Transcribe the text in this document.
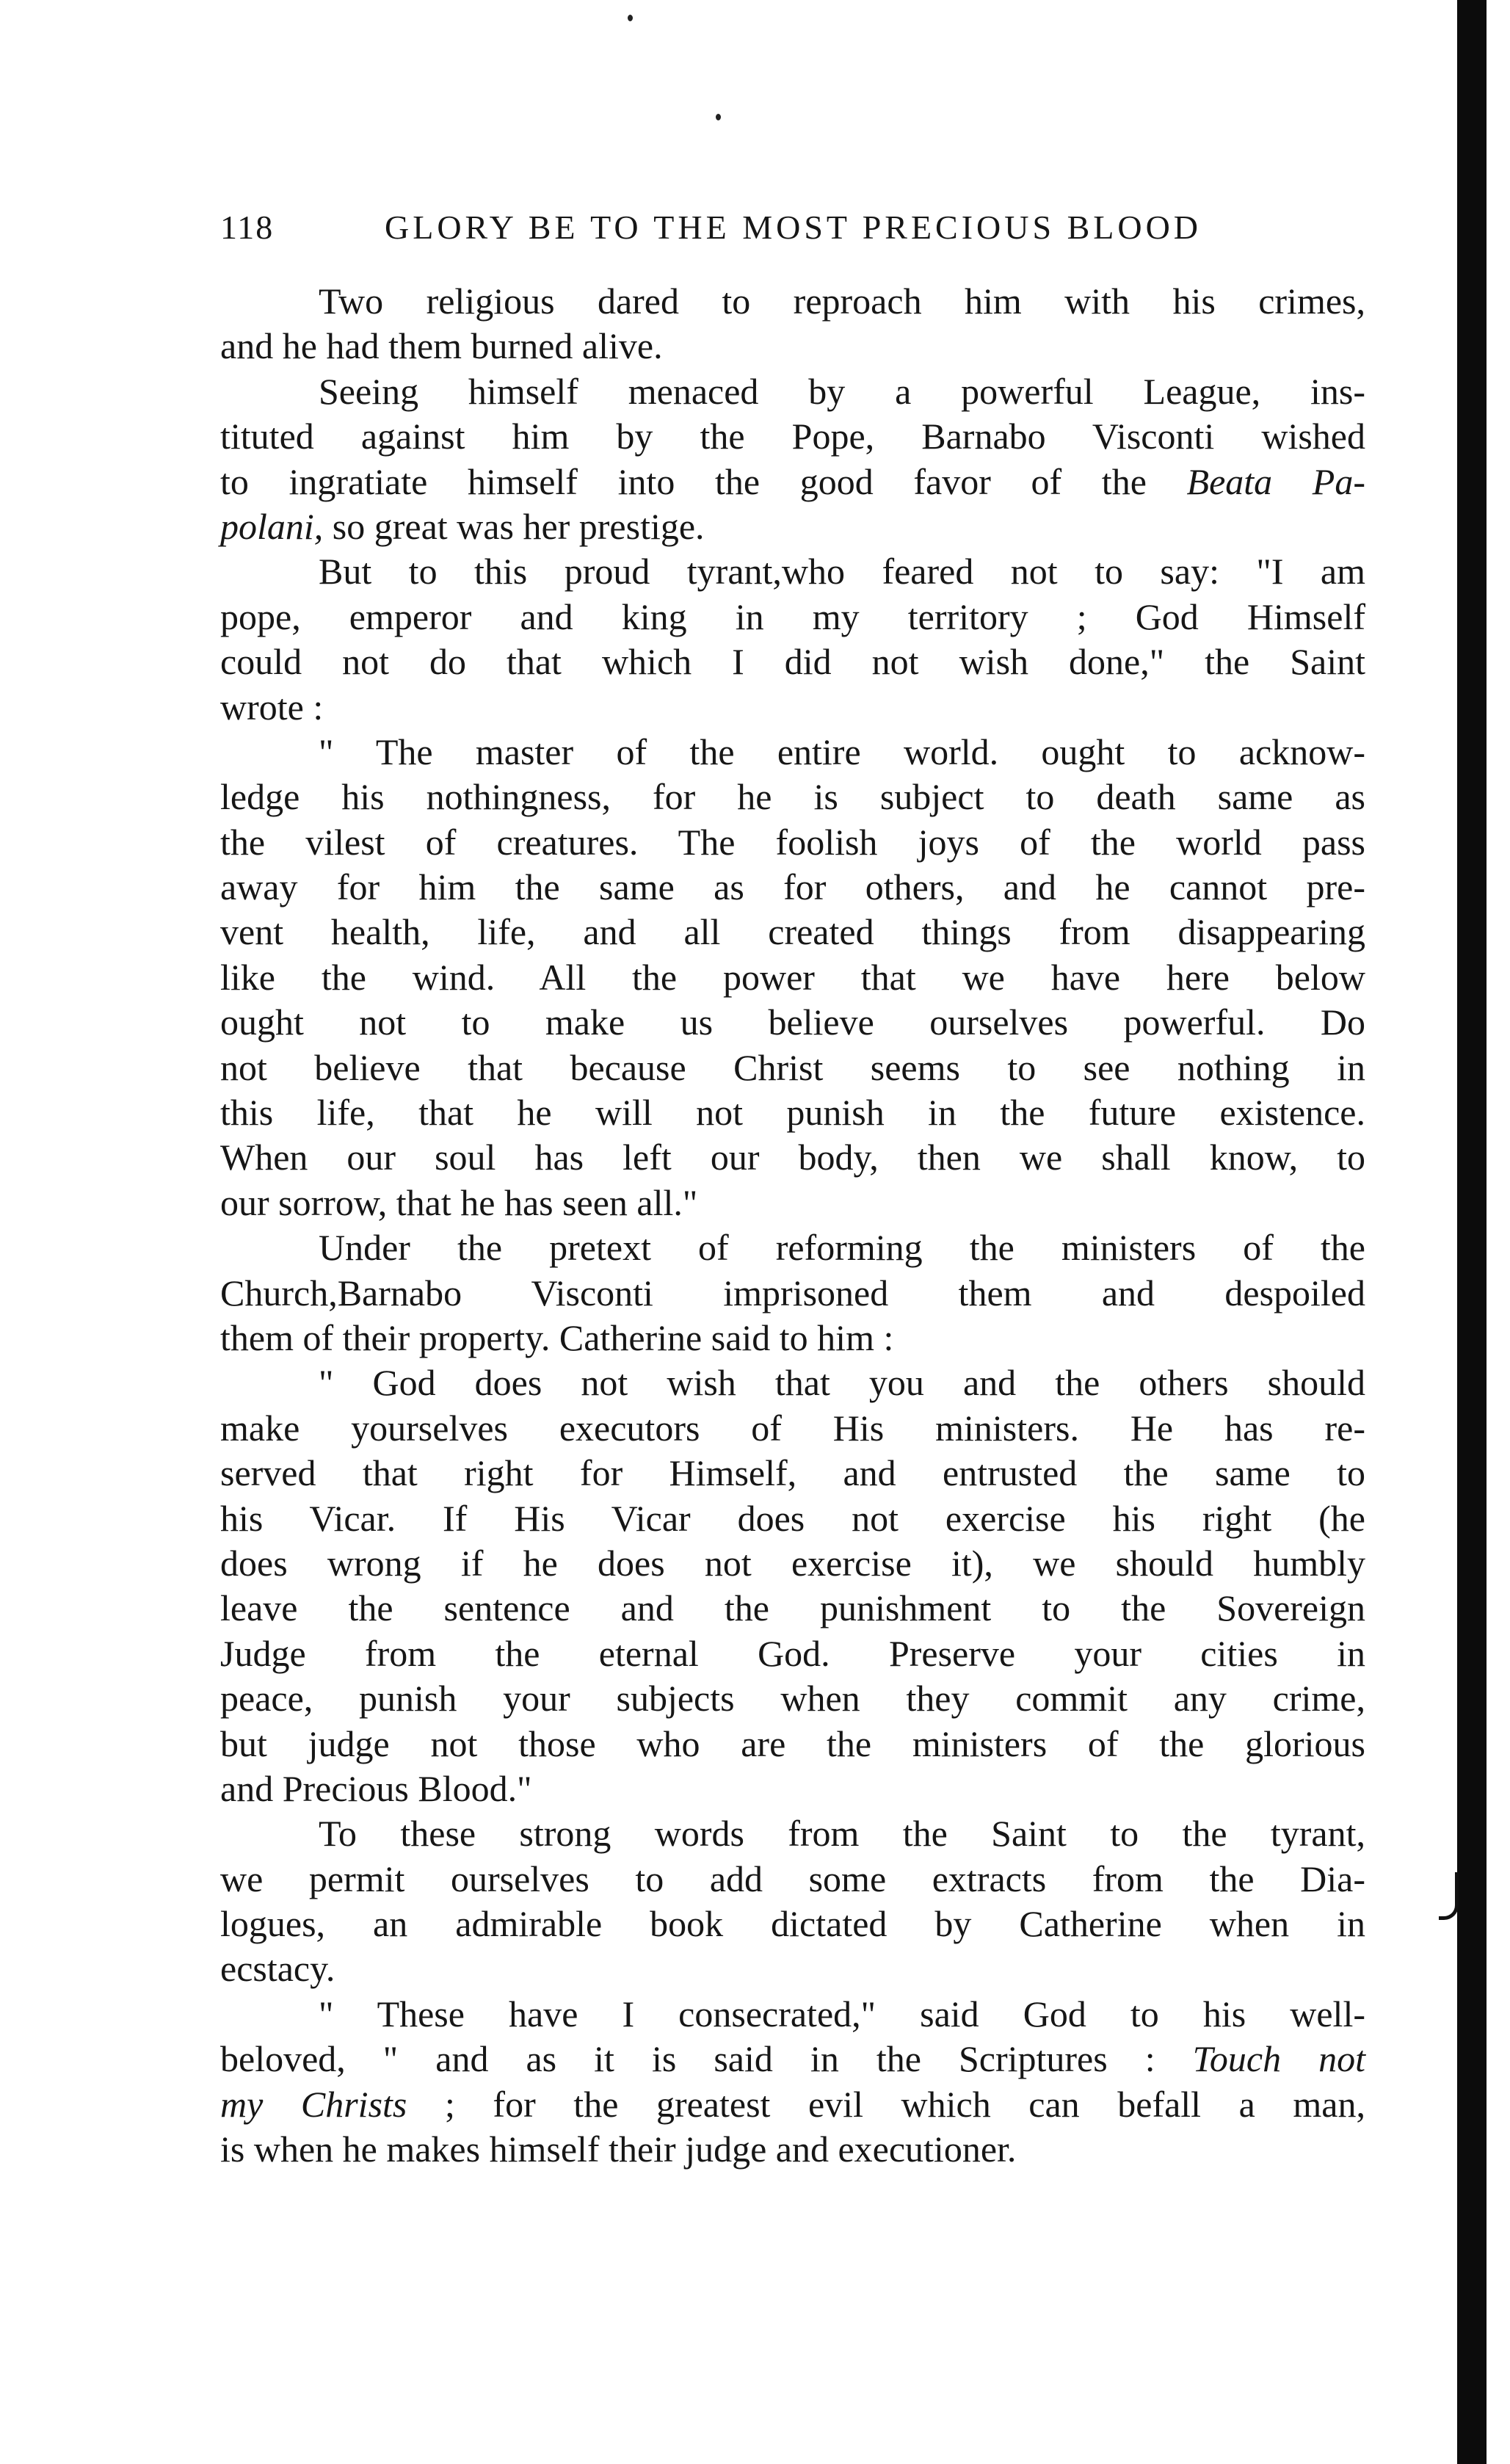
118	GLORY BE TO THE MOST PRECIOUS BLOOD
Two religious dared to reproach him with his crimes,
and he had them burned alive.
Seeing himself menaced by a powerful League, ins-
tituted against him by the Pope, Barnabo Visconti wished
to ingratiate himself into the good favor of the Beata Pa-
polani, so great was her prestige.
But to this proud tyrant,who feared not to say: "I am
pope, emperor and king in my territory ; God Himself
could not do that which I did not wish done," the Saint
wrote :
" The master of the entire world. ought to acknow-
ledge his nothingness, for he is subject to death same as
the vilest of creatures. The foolish joys of the world pass
away for him the same as for others, and he cannot pre-
vent health, life, and all created things from disappearing
like the wind. All the power that we have here below
ought not to make us believe ourselves powerful. Do
not believe that because Christ seems to see nothing in
this life, that he will not punish in the future existence.
When our soul has left our body, then we shall know, to
our sorrow, that he has seen all."
Under the pretext of reforming the ministers of the
Church,Barnabo Visconti imprisoned them and despoiled
them of their property. Catherine said to him :
" God does not wish that you and the others should
make yourselves executors of His ministers. He has re-
served that right for Himself, and entrusted the same to
his Vicar. If His Vicar does not exercise his right (he
does wrong if he does not exercise it), we should humbly
leave the sentence and the punishment to the Sovereign
Judge from the eternal God. Preserve your cities in
peace, punish your subjects when they commit any crime,
but judge not those who are the ministers of the glorious
and Precious Blood."
To these strong words from the Saint to the tyrant,
we permit ourselves to add some extracts from the Dia-
logues, an admirable book dictated by Catherine when in
ecstacy.
" These have I consecrated," said God to his well-
beloved, " and as it is said in the Scriptures : Touch not
my Christs ; for the greatest evil which can befall a man,
is when he makes himself their judge and executioner.
